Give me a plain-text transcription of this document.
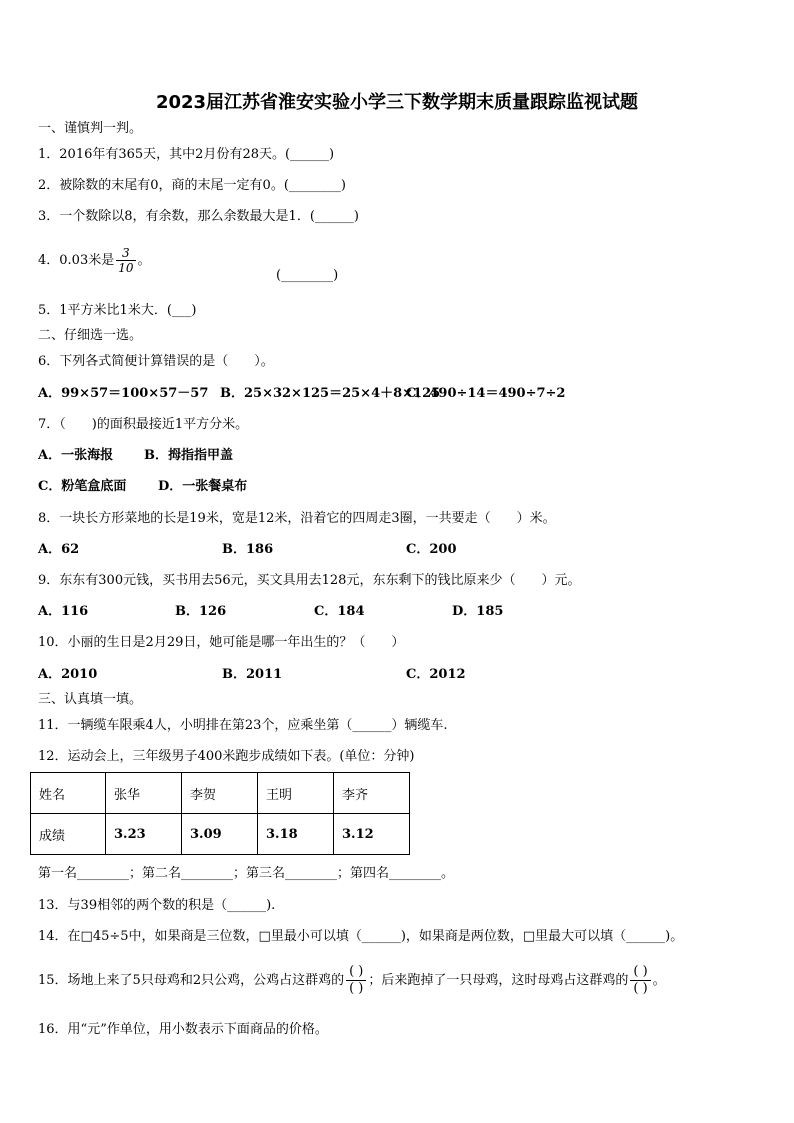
2023届江苏省淮安实验小学三下数学期末质量跟踪监视试题
一、谨慎判一判。
1．2016年有365天，其中2月份有28天。(______)
2．被除数的末尾有0，商的末尾一定有0。(________)
3．一个数除以8，有余数，那么余数最大是1．(______)
4．0.03米是 $\frac{3}{10}$ 。
(________)
5．1平方米比1米大．(___)
二、仔细选一选。
6．下列各式简便计算错误的是（　　）。
A．99×57＝100×57－57 B．25×32×125＝25×4＋8×125
C．490÷14＝490÷7÷2
7．（　　)的面积最接近1平方分米。
A．一张海报 B．拇指指甲盖
C．粉笔盒底面 D．一张餐桌布
8．一块长方形菜地的长是19米，宽是12米，沿着它的四周走3圈，一共要走（　　）米。
A．62	B．186	C．200
9．东东有300元钱，买书用去56元，买文具用去128元，东东剩下的钱比原来少（　　）元。
A．116	B．126	C．184	D．185
10．小丽的生日是2月29日，她可能是哪一年出生的？（　　）
A．2010	B．2011	C．2012
三、认真填一填。
11．一辆缆车限乘4人，小明排在第23个，应乘坐第（______）辆缆车.
12．运动会上，三年级男子400米跑步成绩如下表。(单位：分钟)
姓名	张华	李贺	王明	李齐
成绩	3.23	3.09	3.18	3.12
第一名________；第二名________；第三名________；第四名________。
13．与39相邻的两个数的积是（______).
14．在□45÷5中，如果商是三位数，□里最小可以填（______)，如果商是两位数，□里最大可以填（______)。
15．场地上来了5只母鸡和2只公鸡，公鸡占这群鸡的 $\frac{( )}{( )}$ ；后来跑掉了一只母鸡，这时母鸡占这群鸡的 $\frac{( )}{( )}$ 。
16．用“元”作单位，用小数表示下面商品的价格。
